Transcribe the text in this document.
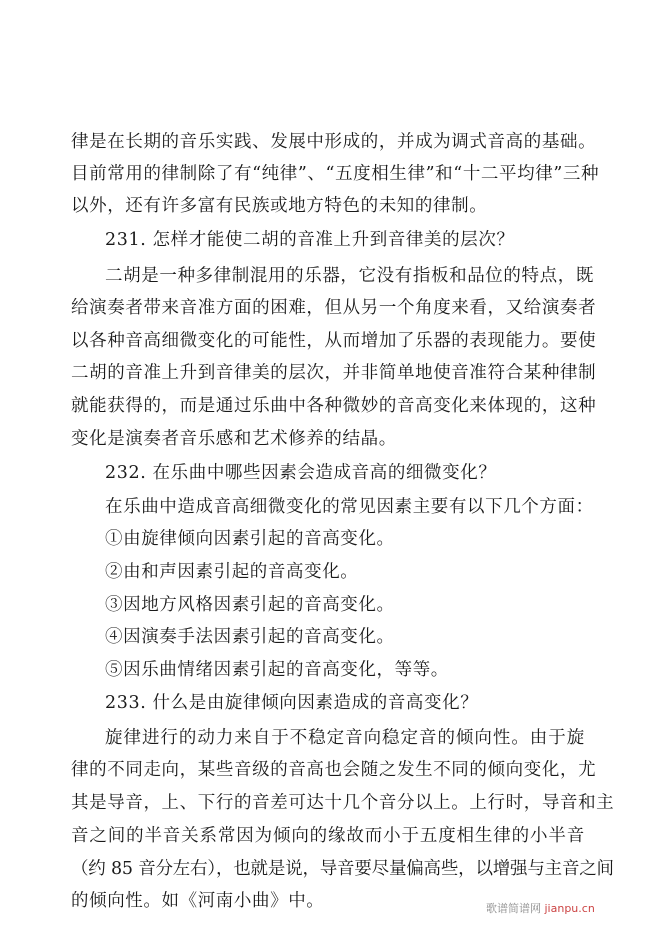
律 是 在 长 期 的 音 乐 实 践 、 发 展 中 形 成 的 ， 并 成 为 调 式 音 高 的 基 础 。
目 前 常 用 的 律 制 除 了 有 “ 纯 律 ” 、 “ 五 度 相 生 律 ” 和 “ 十 二 平 均 律 ” 三 种
以外，还有许多富有民族或地方特色的未知的律制。
231. 怎样才能使二胡的音准上升到音律美的层次？
二 胡 是 一 种 多 律 制 混 用 的 乐 器 ， 它 没 有 指 板 和 品 位 的 特 点 ， 既
给 演 奏 者 带 来 音 准 方 面 的 困 难 ， 但 从 另 一 个 角 度 来 看 ， 又 给 演 奏 者
以 各 种 音 高 细 微 变 化 的 可 能 性 ， 从 而 增 加 了 乐 器 的 表 现 能 力 。 要 使
二 胡 的 音 准 上 升 到 音 律 美 的 层 次 ， 并 非 简 单 地 使 音 准 符 合 某 种 律 制
就 能 获 得 的 ， 而 是 通 过 乐 曲 中 各 种 微 妙 的 音 高 变 化 来 体 现 的 ， 这 种
变化是演奏者音乐感和艺术修养的结晶。
232. 在乐曲中哪些因素会造成音高的细微变化？
在乐曲中造成音高细微变化的常见因素主要有以下几个方面：
①由旋律倾向因素引起的音高变化。
②由和声因素引起的音高变化。
③因地方风格因素引起的音高变化。
④因演奏手法因素引起的音高变化。
⑤因乐曲情绪因素引起的音高变化，等等。
233. 什么是由旋律倾向因素造成的音高变化？
旋 律 进 行 的 动 力 来 自 于 不 稳 定 音 向 稳 定 音 的 倾 向 性 。 由 于 旋
律 的 不 同 走 向 ， 某 些 音 级 的 音 高 也 会 随 之 发 生 不 同 的 倾 向 变 化 ， 尤
其 是 导 音 ， 上 、 下 行 的 音 差 可 达 十 几 个 音 分 以 上 。 上 行 时 ， 导 音 和 主
音 之 间 的 半 音 关 系 常 因 为 倾 向 的 缘 故 而 小 于 五 度 相 生 律 的 小 半 音
（约 85 音分左右），也就是说，导音要尽量偏高些，以增强与主音之间
的倾向性。如《河南小曲》中。	歌谱简谱网 jianpu.cn
